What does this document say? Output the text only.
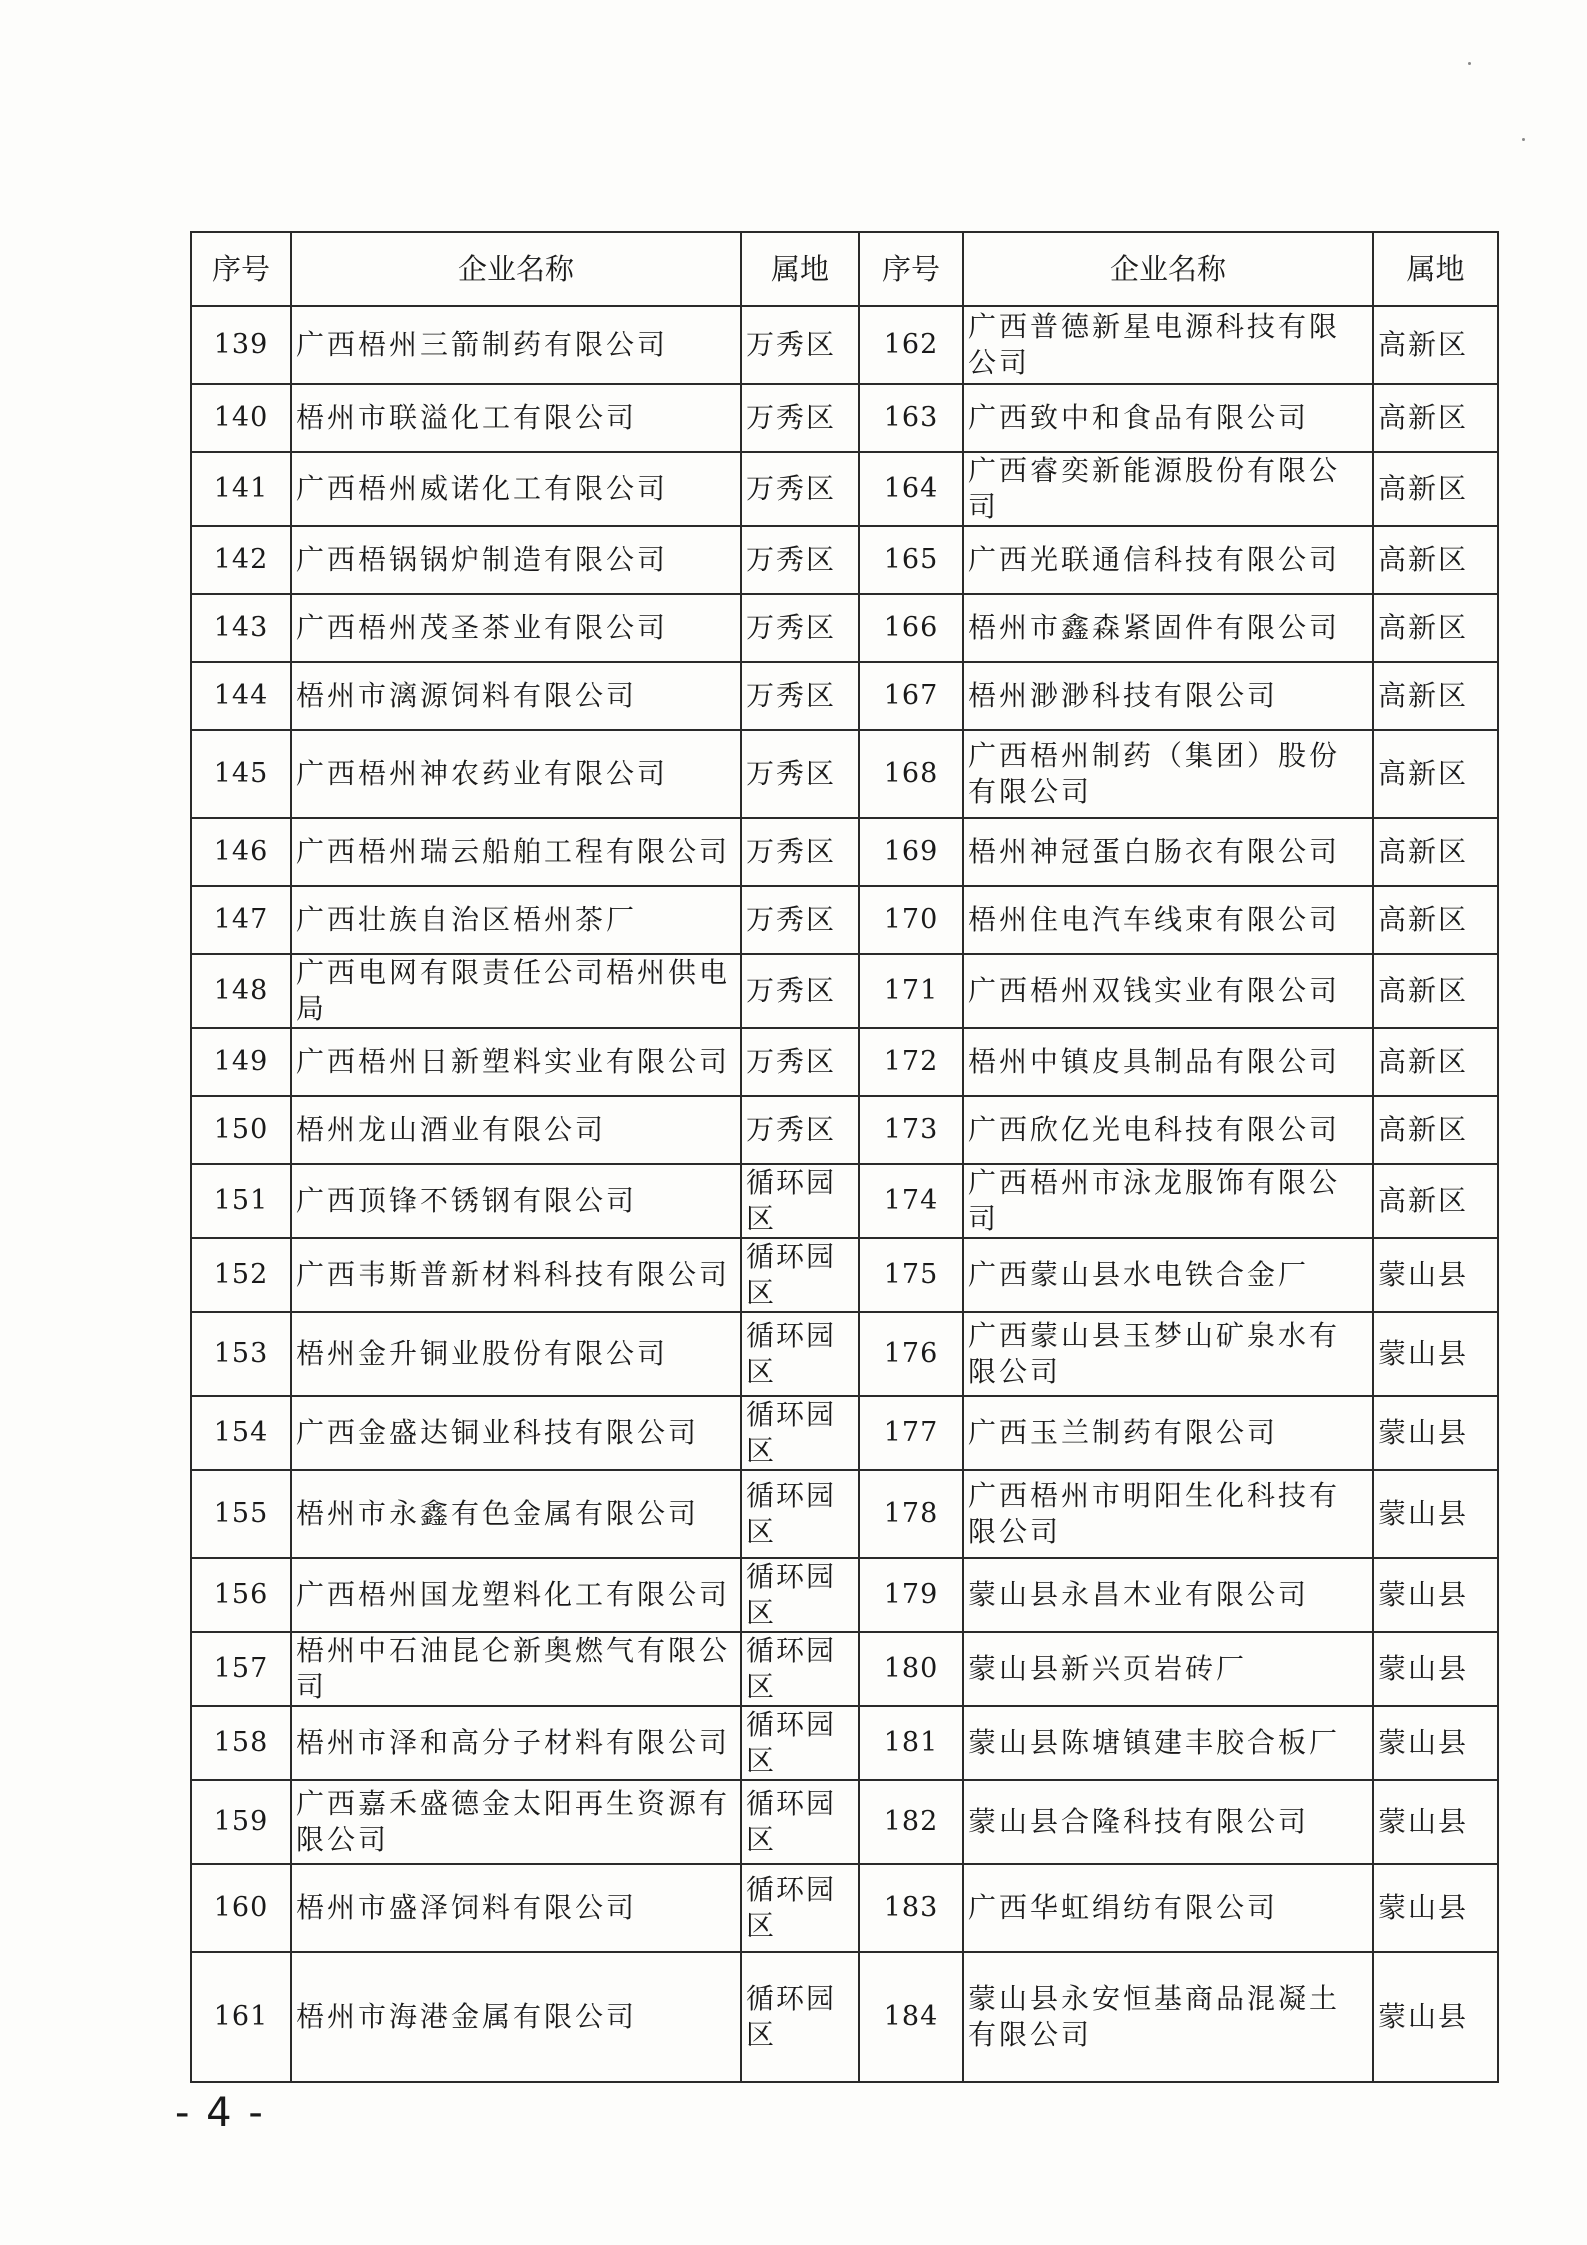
序号	企业名称	属地	序号	企业名称	属地
139	广西梧州三箭制药有限公司	万秀区	162	广西普德新星电源科技有限公司	高新区
140	梧州市联溢化工有限公司	万秀区	163	广西致中和食品有限公司	高新区
141	广西梧州威诺化工有限公司	万秀区	164	广西睿奕新能源股份有限公司	高新区
142	广西梧锅锅炉制造有限公司	万秀区	165	广西光联通信科技有限公司	高新区
143	广西梧州茂圣茶业有限公司	万秀区	166	梧州市鑫森紧固件有限公司	高新区
144	梧州市漓源饲料有限公司	万秀区	167	梧州渺渺科技有限公司	高新区
145	广西梧州神农药业有限公司	万秀区	168	广西梧州制药（集团）股份有限公司	高新区
146	广西梧州瑞云船舶工程有限公司	万秀区	169	梧州神冠蛋白肠衣有限公司	高新区
147	广西壮族自治区梧州茶厂	万秀区	170	梧州住电汽车线束有限公司	高新区
148	广西电网有限责任公司梧州供电局	万秀区	171	广西梧州双钱实业有限公司	高新区
149	广西梧州日新塑料实业有限公司	万秀区	172	梧州中镇皮具制品有限公司	高新区
150	梧州龙山酒业有限公司	万秀区	173	广西欣亿光电科技有限公司	高新区
151	广西顶锋不锈钢有限公司	循环园区	174	广西梧州市泳龙服饰有限公司	高新区
152	广西韦斯普新材料科技有限公司	循环园区	175	广西蒙山县水电铁合金厂	蒙山县
153	梧州金升铜业股份有限公司	循环园区	176	广西蒙山县玉梦山矿泉水有限公司	蒙山县
154	广西金盛达铜业科技有限公司	循环园区	177	广西玉兰制药有限公司	蒙山县
155	梧州市永鑫有色金属有限公司	循环园区	178	广西梧州市明阳生化科技有限公司	蒙山县
156	广西梧州国龙塑料化工有限公司	循环园区	179	蒙山县永昌木业有限公司	蒙山县
157	梧州中石油昆仑新奥燃气有限公司	循环园区	180	蒙山县新兴页岩砖厂	蒙山县
158	梧州市泽和高分子材料有限公司	循环园区	181	蒙山县陈塘镇建丰胶合板厂	蒙山县
159	广西嘉禾盛德金太阳再生资源有限公司	循环园区	182	蒙山县合隆科技有限公司	蒙山县
160	梧州市盛泽饲料有限公司	循环园区	183	广西华虹绢纺有限公司	蒙山县
161	梧州市海港金属有限公司	循环园区	184	蒙山县永安恒基商品混凝土有限公司	蒙山县
- 4 -
